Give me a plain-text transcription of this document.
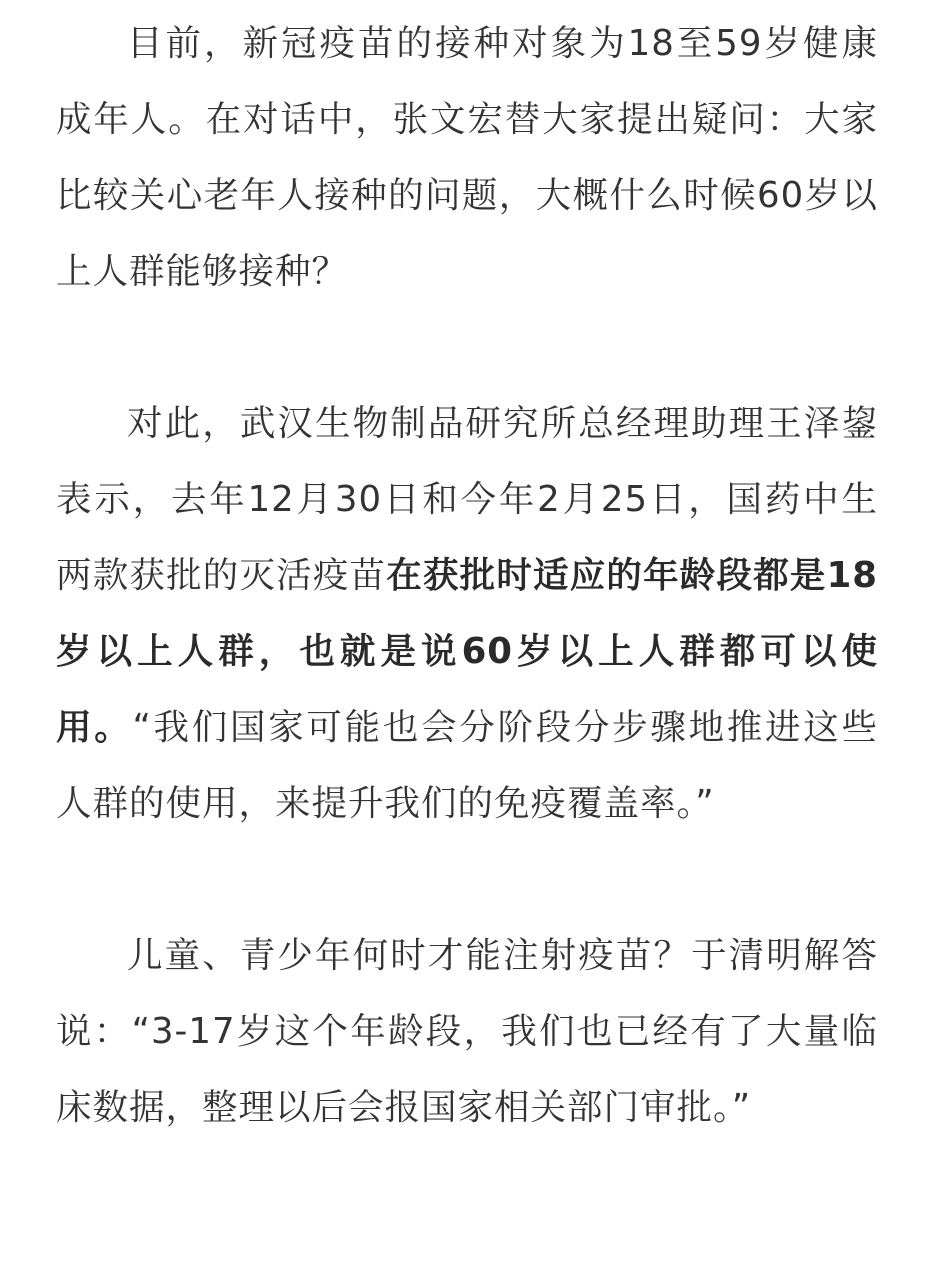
目前，新冠疫苗的接种对象为18至59岁健康成年人。在对话中，张文宏替大家提出疑问：大家比较关心老年人接种的问题，大概什么时候60岁以上人群能够接种？

对此，武汉生物制品研究所总经理助理王泽鋆表示，去年12月30日和今年2月25日，国药中生两款获批的灭活疫苗在获批时适应的年龄段都是18岁以上人群，也就是说60岁以上人群都可以使用。“我们国家可能也会分阶段分步骤地推进这些人群的使用，来提升我们的免疫覆盖率。”

儿童、青少年何时才能注射疫苗？于清明解答说：“3-17岁这个年龄段，我们也已经有了大量临床数据，整理以后会报国家相关部门审批。”
